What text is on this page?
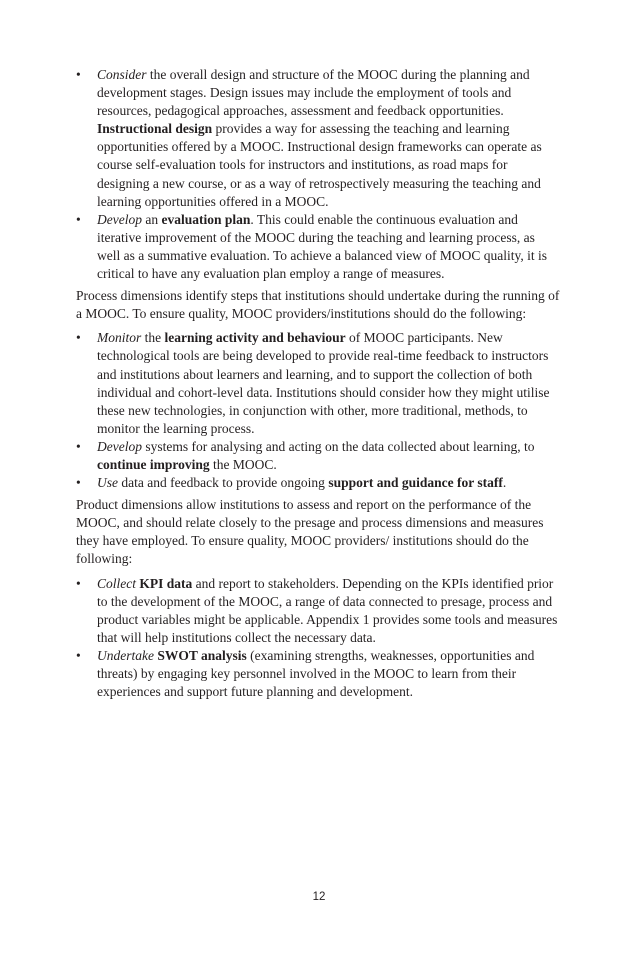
• Consider the overall design and structure of the MOOC during the planning and development stages. Design issues may include the employment of tools and resources, pedagogical approaches, assessment and feedback opportunities. Instructional design provides a way for assessing the teaching and learning opportunities offered by a MOOC. Instructional design frameworks can operate as course self-evaluation tools for instructors and institutions, as road maps for designing a new course, or as a way of retrospectively measuring the teaching and learning opportunities offered in a MOOC.
• Develop an evaluation plan. This could enable the continuous evaluation and iterative improvement of the MOOC during the teaching and learning process, as well as a summative evaluation. To achieve a balanced view of MOOC quality, it is critical to have any evaluation plan employ a range of measures.

Process dimensions identify steps that institutions should undertake during the running of a MOOC. To ensure quality, MOOC providers/institutions should do the following:

• Monitor the learning activity and behaviour of MOOC participants. New technological tools are being developed to provide real-time feedback to instructors and institutions about learners and learning, and to support the collection of both individual and cohort-level data. Institutions should consider how they might utilise these new technologies, in conjunction with other, more traditional, methods, to monitor the learning process.
• Develop systems for analysing and acting on the data collected about learning, to continue improving the MOOC.
• Use data and feedback to provide ongoing support and guidance for staff.

Product dimensions allow institutions to assess and report on the performance of the MOOC, and should relate closely to the presage and process dimensions and measures they have employed. To ensure quality, MOOC providers/ institutions should do the following:

• Collect KPI data and report to stakeholders. Depending on the KPIs identified prior to the development of the MOOC, a range of data connected to presage, process and product variables might be applicable. Appendix 1 provides some tools and measures that will help institutions collect the necessary data.
• Undertake SWOT analysis (examining strengths, weaknesses, opportunities and threats) by engaging key personnel involved in the MOOC to learn from their experiences and support future planning and development.
12
